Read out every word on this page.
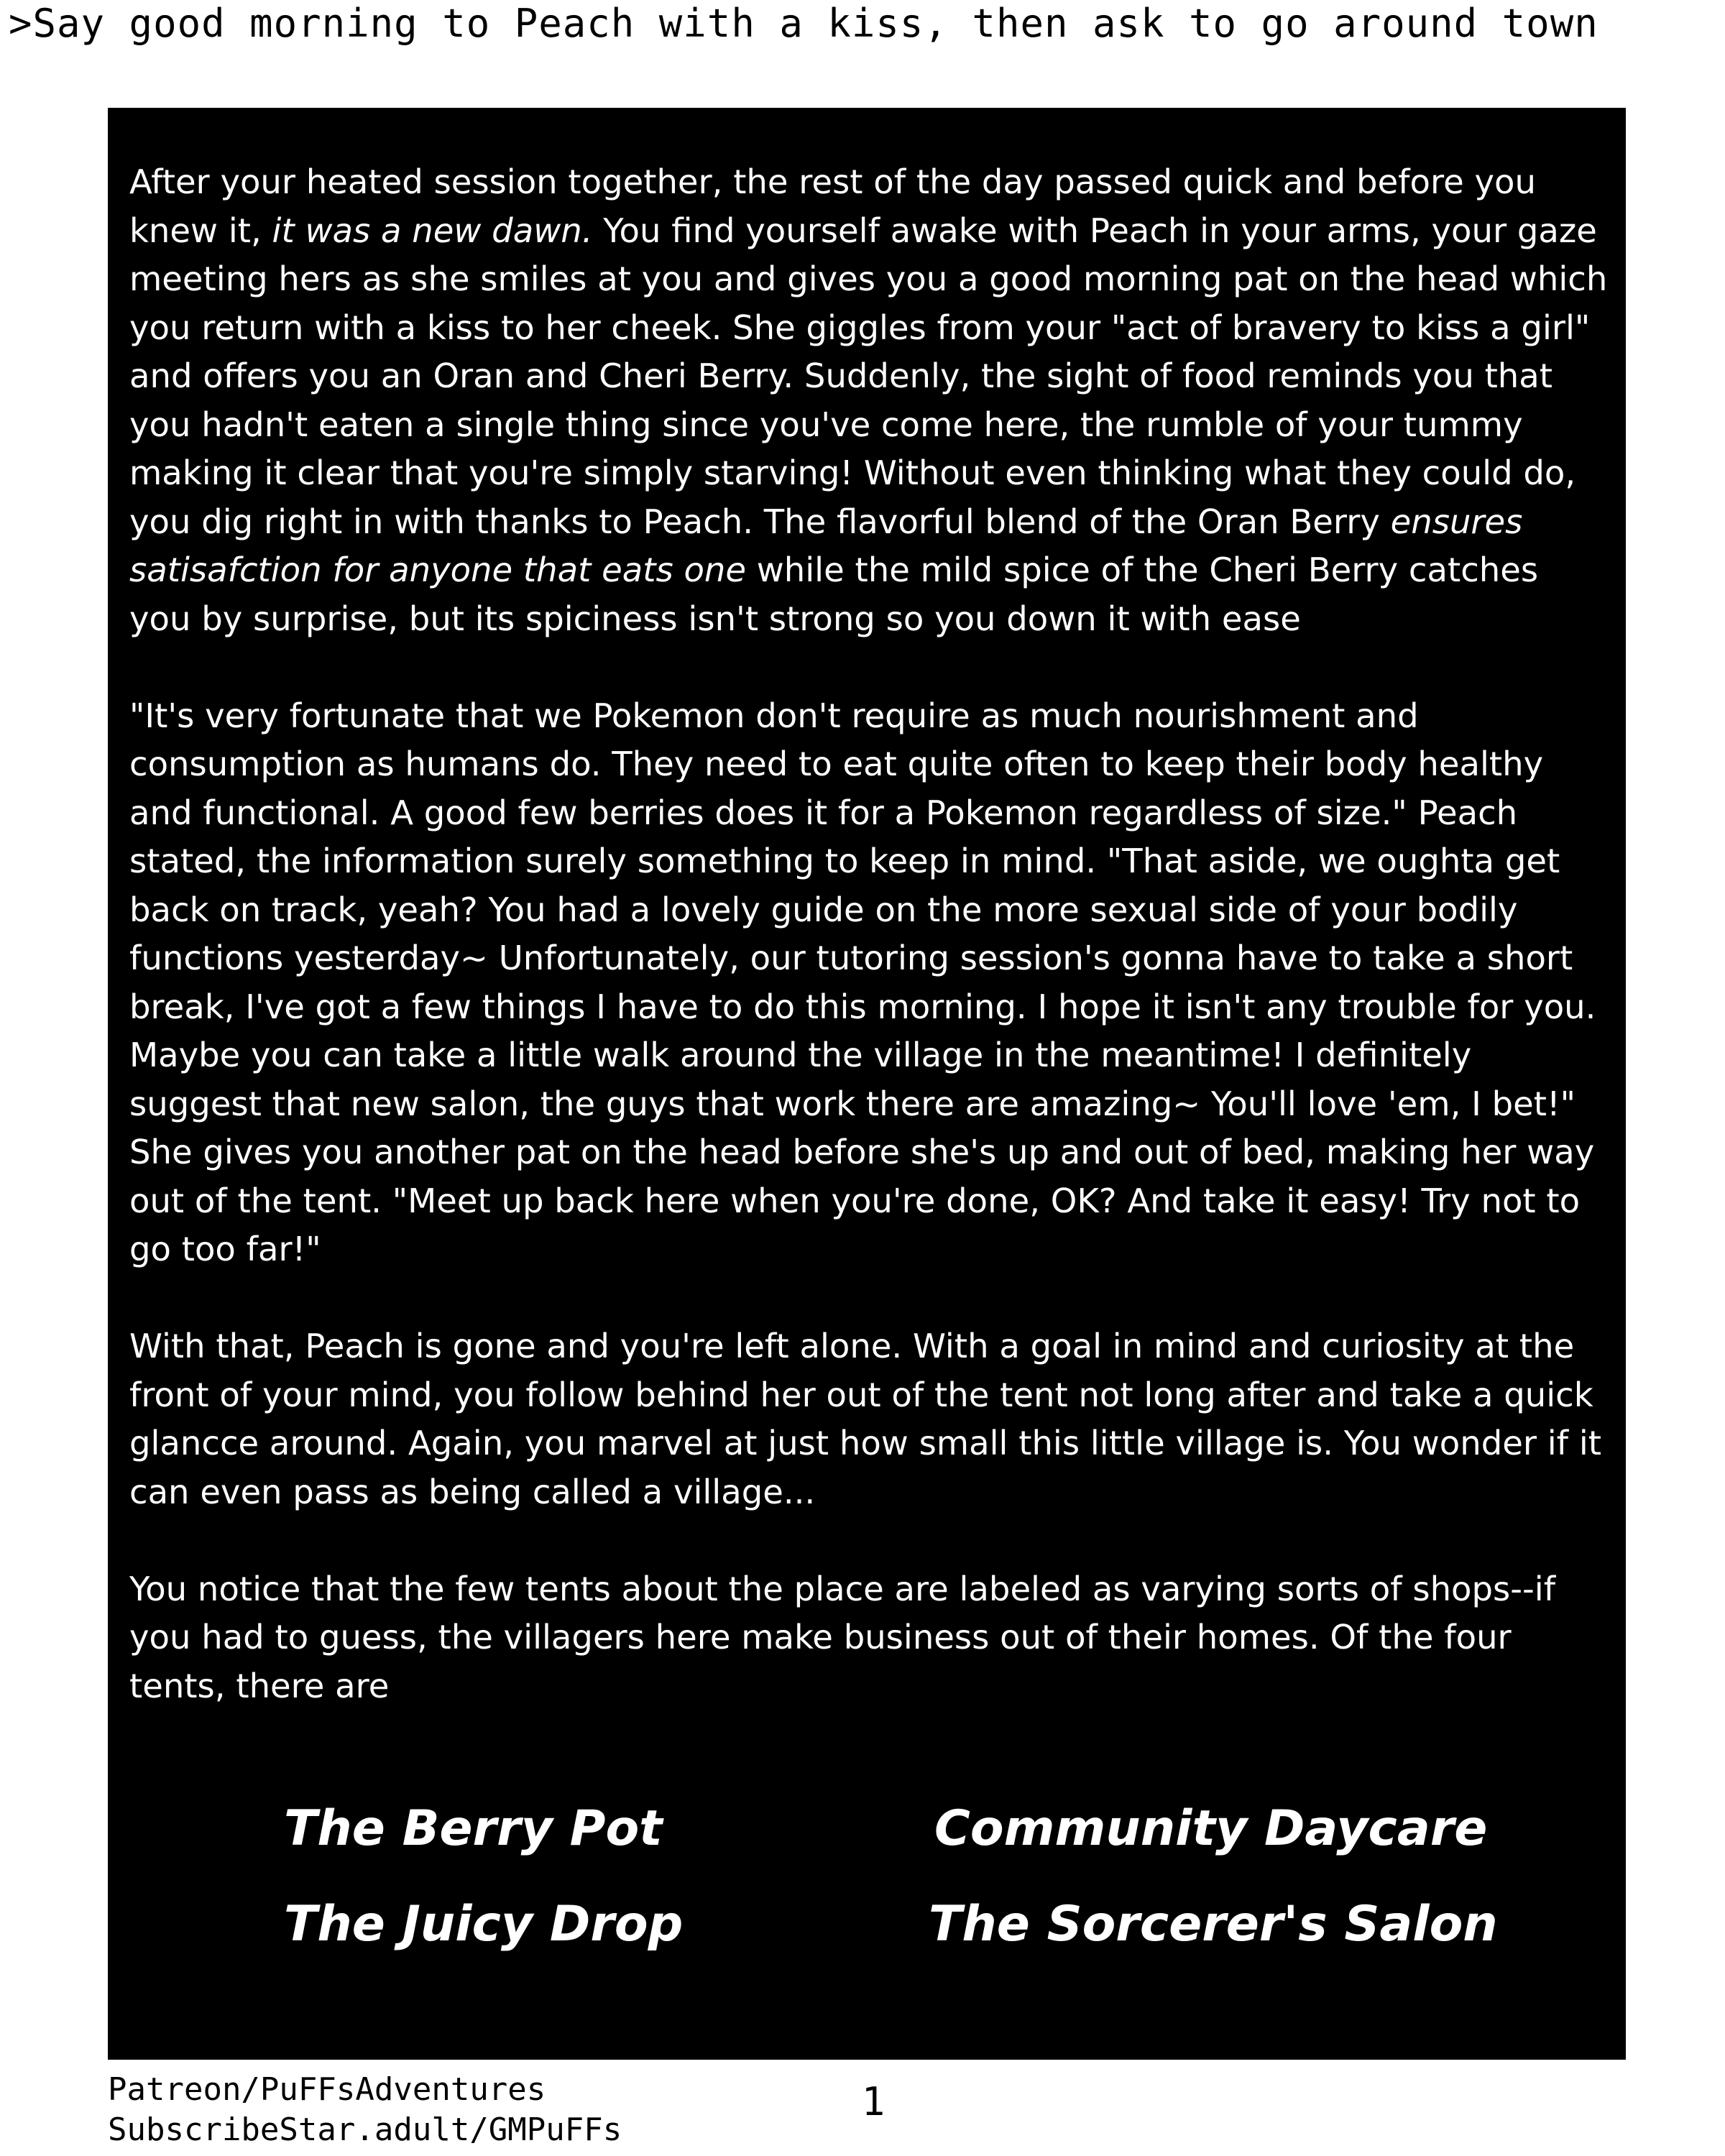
>Say good morning to Peach with a kiss, then ask to go around town

After your heated session together, the rest of the day passed quick and before you knew it, it was a new dawn. You find yourself awake with Peach in your arms, your gaze meeting hers as she smiles at you and gives you a good morning pat on the head which you return with a kiss to her cheek. She giggles from your "act of bravery to kiss a girl" and offers you an Oran and Cheri Berry. Suddenly, the sight of food reminds you that you hadn't eaten a single thing since you've come here, the rumble of your tummy making it clear that you're simply starving! Without even thinking what they could do, you dig right in with thanks to Peach. The flavorful blend of the Oran Berry ensures satisafction for anyone that eats one while the mild spice of the Cheri Berry catches you by surprise, but its spiciness isn't strong so you down it with ease

"It's very fortunate that we Pokemon don't require as much nourishment and consumption as humans do. They need to eat quite often to keep their body healthy and functional. A good few berries does it for a Pokemon regardless of size." Peach stated, the information surely something to keep in mind. "That aside, we oughta get back on track, yeah? You had a lovely guide on the more sexual side of your bodily functions yesterday~ Unfortunately, our tutoring session's gonna have to take a short break, I've got a few things I have to do this morning. I hope it isn't any trouble for you. Maybe you can take a little walk around the village in the meantime! I definitely suggest that new salon, the guys that work there are amazing~ You'll love 'em, I bet!" She gives you another pat on the head before she's up and out of bed, making her way out of the tent. "Meet up back here when you're done, OK? And take it easy! Try not to go too far!"

With that, Peach is gone and you're left alone. With a goal in mind and curiosity at the front of your mind, you follow behind her out of the tent not long after and take a quick glancce around. Again, you marvel at just how small this little village is. You wonder if it can even pass as being called a village...

You notice that the few tents about the place are labeled as varying sorts of shops--if you had to guess, the villagers here make business out of their homes. Of the four tents, there are

The Berry Pot	Community Daycare
The Juicy Drop	The Sorcerer's Salon
Patreon/PuFFsAdventures
SubscribeStar.adult/GMPuFFs
1
